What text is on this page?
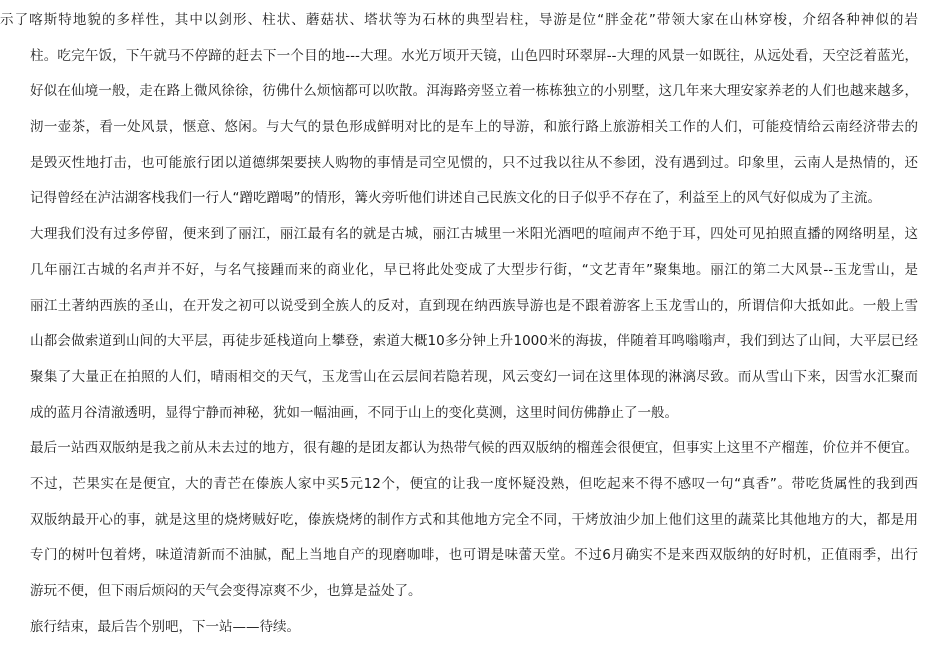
示了喀斯特地貌的多样性，其中以剑形、柱状、蘑菇状、塔状等为石林的典型岩柱，导游是位“胖金花”带领大家在山林穿梭，介绍各种神似的岩
柱。吃完午饭，下午就马不停蹄的赶去下一个目的地---大理。水光万顷开天镜，山色四时环翠屏--大理的风景一如既往，从远处看，天空泛着蓝光，
好似在仙境一般，走在路上微风徐徐，彷佛什么烦恼都可以吹散。洱海路旁竖立着一栋栋独立的小别墅，这几年来大理安家养老的人们也越来越多，
沏一壶茶，看一处风景，惬意、悠闲。与大气的景色形成鲜明对比的是车上的导游，和旅行路上旅游相关工作的人们，可能疫情给云南经济带去的
是毁灭性地打击，也可能旅行团以道德绑架要挟人购物的事情是司空见惯的，只不过我以往从不参团，没有遇到过。印象里，云南人是热情的，还
记得曾经在泸沽湖客栈我们一行人“蹭吃蹭喝”的情形，篝火旁听他们讲述自己民族文化的日子似乎不存在了，利益至上的风气好似成为了主流。
大理我们没有过多停留，便来到了丽江，丽江最有名的就是古城，丽江古城里一米阳光酒吧的喧闹声不绝于耳，四处可见拍照直播的网络明星，这
几年丽江古城的名声并不好，与名气接踵而来的商业化，早已将此处变成了大型步行街，“文艺青年”聚集地。丽江的第二大风景--玉龙雪山，是
丽江土著纳西族的圣山，在开发之初可以说受到全族人的反对，直到现在纳西族导游也是不跟着游客上玉龙雪山的，所谓信仰大抵如此。一般上雪
山都会做索道到山间的大平层，再徒步延栈道向上攀登，索道大概10多分钟上升1000米的海拔，伴随着耳鸣嗡嗡声，我们到达了山间，大平层已经
聚集了大量正在拍照的人们，晴雨相交的天气，玉龙雪山在云层间若隐若现，风云变幻一词在这里体现的淋漓尽致。而从雪山下来，因雪水汇聚而
成的蓝月谷清澈透明，显得宁静而神秘，犹如一幅油画，不同于山上的变化莫测，这里时间仿佛静止了一般。
最后一站西双版纳是我之前从未去过的地方，很有趣的是团友都认为热带气候的西双版纳的榴莲会很便宜，但事实上这里不产榴莲，价位并不便宜。
不过，芒果实在是便宜，大的青芒在傣族人家中买5元12个，便宜的让我一度怀疑没熟，但吃起来不得不感叹一句“真香”。带吃货属性的我到西
双版纳最开心的事，就是这里的烧烤贼好吃，傣族烧烤的制作方式和其他地方完全不同，干烤放油少加上他们这里的蔬菜比其他地方的大，都是用
专门的树叶包着烤，味道清新而不油腻，配上当地自产的现磨咖啡，也可谓是味蕾天堂。不过6月确实不是来西双版纳的好时机，正值雨季，出行
游玩不便，但下雨后烦闷的天气会变得凉爽不少，也算是益处了。
旅行结束，最后告个别吧，下一站——待续。
